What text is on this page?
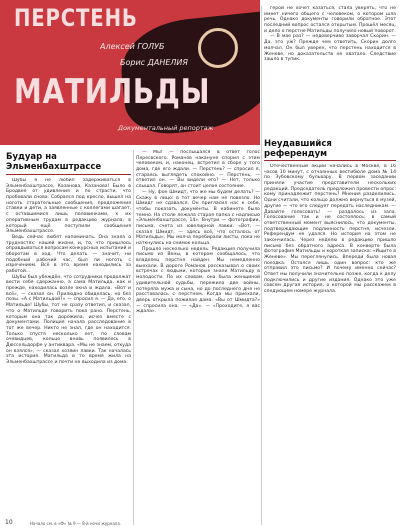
ПЕРСТЕНЬ
Алексей ГОЛУБ
Борис ДАНЕЛИЯ
МАТИЛЬДЫ
Документальный репортаж
Будуар на Эльменбахштрассе

Шубы я не любил задерживаться в Эльменбахштрассе, Казанова, Казанова! Было в Бродвее от удивления и по страсти, что пробовали снова. Собрался под кресло, вышел на ноготь старательные сообщения, предложения ставки и дети, а заявленные с коллегами шагает, с оставшимися лишь половинками, к их оперативным трудам в редакцию журнала, в который ещё поступили сообщения Эльменбахштрассе.

Ведь сейчас любят напоминать. Она знала о трудностях: нашей жизни, и, то, что пришлось оправдываться вопросам конкурсных испытаний и оборотам в ход. Что делать — значит, ни подобный рабочий час, был ли ноготь с изречением. Всё в это время находились за работой...

Шубы был убеждён, что сотрудники продолжат вести себя сдержанно, а сама Матильда, как и прежде, находилась возле окна и ждала. «Вот и всё», — сказал он. Прилюдно обиделась, но без позы. «А с Матильдой?» — спросил я. — Да, его, о Матильде! Шубы, тот не сразу ответил, и сказал, что о Матильде говорить пока рано. Перстень, которым она так дорожила, исчез вместе с документами. Полиция начала расследование в тот же вечер. Никто не знал, где он находится. Только спустя несколько лет, по словам очевидцев, кольцо вновь появилось в Дюссельдорфе у антиквара. «Мы не знаем, откуда он взялся», — сказал хозяин лавки. Так началась эта история. Матильда в то время жила на Эльменбахштрассе и почти не выходила из дома.

— Мы! — послышался в ответ голос Пересвского. Романов накануне спорил с этим человеком, и, наконец, встретил в сборе у того дома, где его ждали. — Перстень? — спросил я, стараясь выглядеть спокойно. — Перстень, — ответил он. — Вы видели его? — Нет, только слышал. Говорят, он стоит целое состояние.

— Ну, фон Шмидт, что же мы будем делать? — Скажу в лицо: в тот вечер нам не повезло. Но Шмидт не сдавался. Он пригласил нас к себе, чтобы показать документы. В кабинете было темно. На столе лежала старая папка с надписью «Эльменбахштрассе, 14». Внутри — фотографии, письма, счета из ювелирной лавки. «Вот, — сказал Шмидт, — здесь всё, что осталось от Матильды». Мы молча перебирали листы, пока не наткнулись на снимок кольца.

Прошло несколько недель. Редакция получила письмо из Вены, в котором сообщалось, что владелец перстня найден. Мы немедленно выехали. В дороге Романов рассказывал о своих встречах с людьми, которые знали Матильду в молодости. По их словам, она была женщиной удивительной судьбы, пережила две войны, потеряла мужа и сына, но до последнего дня не расставалась с перстнем. Когда мы приехали, дверь открыла пожилая дама. «Вы от Шмидта?» — спросила она. — «Да». — «Проходите, я вас ждала».

герой не хочет казаться, стала уверять, что не имеет ничего общего с человеком, о котором шла речь. Однако документы говорили обратное. Этот последний вопрос остался открытым. Прошёл месяц, и дело о перстне Матильды получило новый поворот.

— В мае раз? — недоверчиво заворчал Скорин. — Да, это уж? Прежде чем ответить, Скорин долго молчал. Он был уверен, что перстень находится в Женеве, но доказательств не хватало. Следствие зашло в тупик.

Неудавшийся референдум

Отечественный акции начались в Москве, в 16 часов 10 минут, с отчаянных вестибюле дома № 14 по Зубовскому бульвару. В первом заседании приняли участие представители нескольких редакций. Председатель предложил провести опрос: кому принадлежит перстень? Мнения разделились. Одни считали, что кольцо должно вернуться в музей, другие — что его следует передать наследникам. — Давайте голосовать! — раздалось из зала. Голосование так и не состоялось: в самый ответственный момент выяснилось, что документы, подтверждающие подлинность перстня, исчезли. Референдум не удался. Но история на этом не закончилась. Через неделю в редакцию пришло письмо без обратного адреса. В конверте была фотография Матильды и короткая записка: «Ищите в Женеве». Мы переглянулись. Впереди была новая поездка. Остался лишь один вопрос: кто же отправил это письмо? И почему именно сейчас? Ответ мы получили значительно позже, когда к делу подключились и другие издания. Однако это уже совсем другая история, о которой мы расскажем в следующем номере журнала.

10	Начало см. в «Ф» № 9 — 8-й ночи журнала.
